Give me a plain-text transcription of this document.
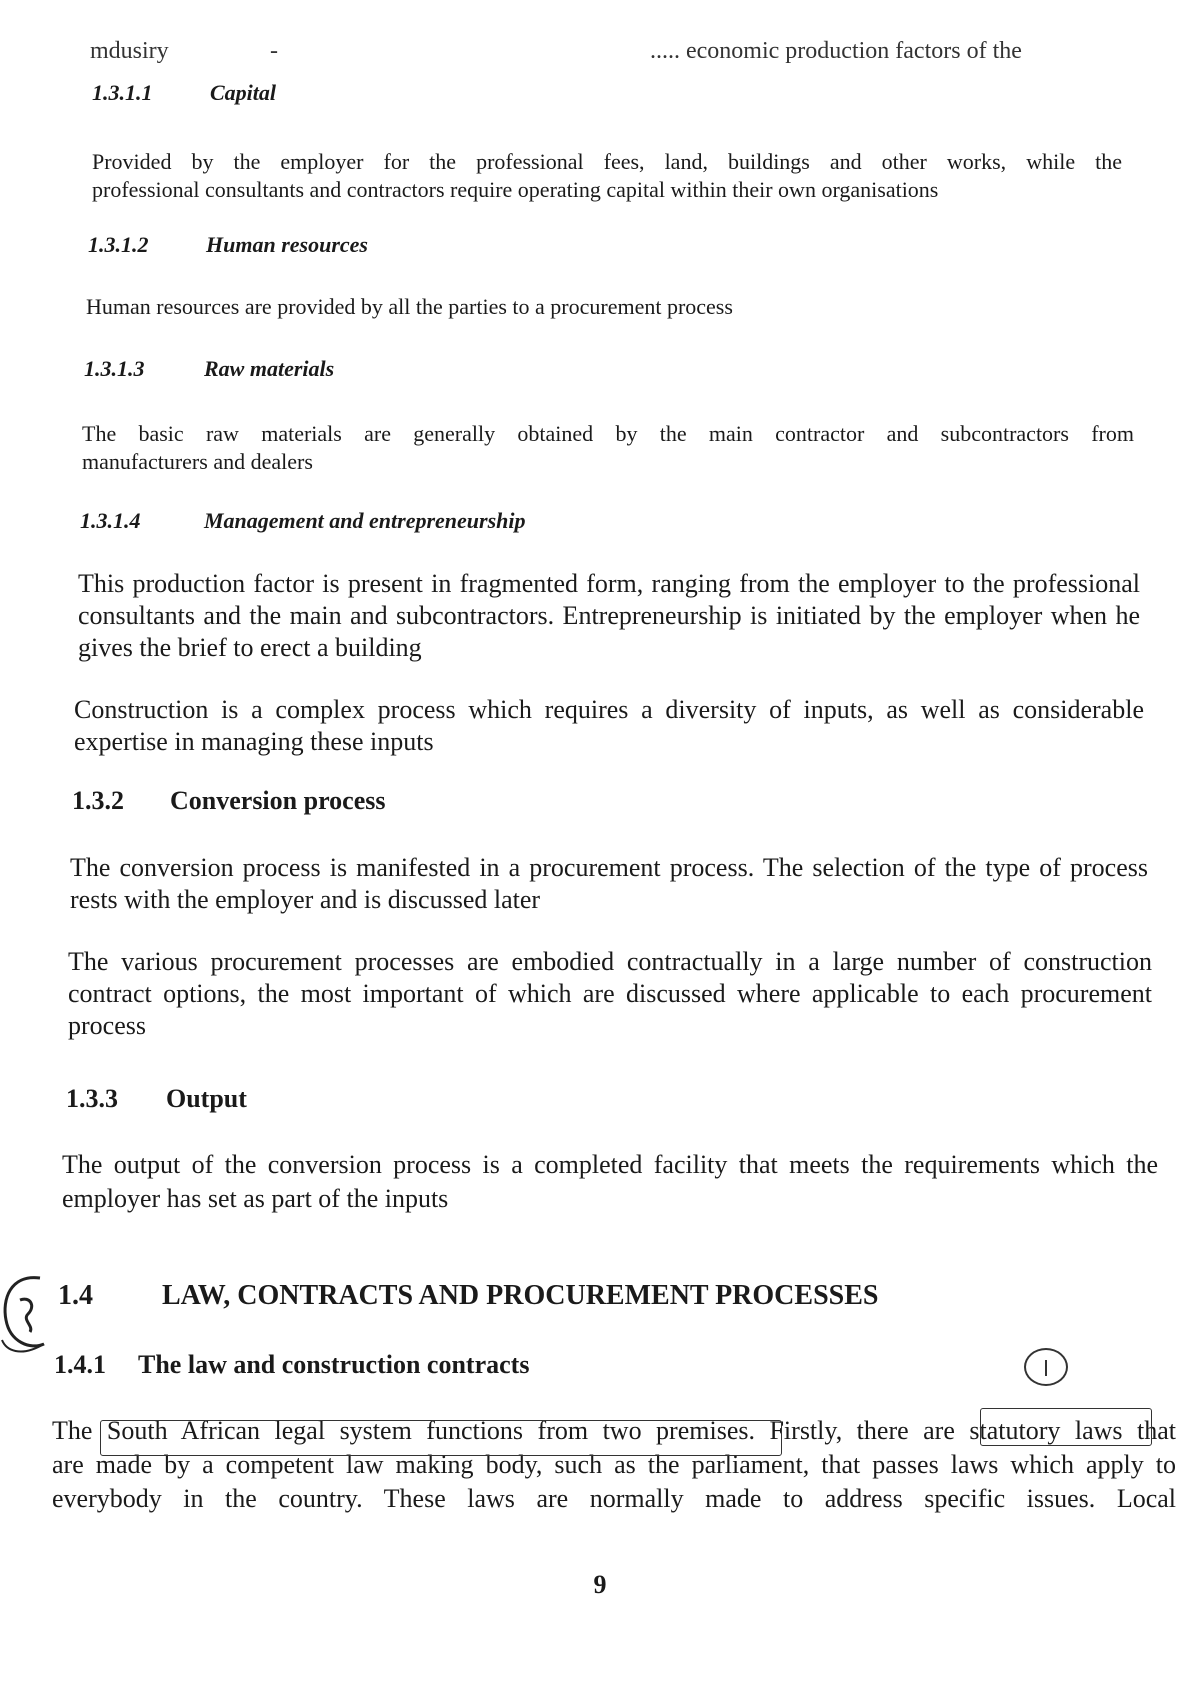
mdusiry	-	..... economic production factors of the
1.3.1.1	Capital
Provided by the employer for the professional fees, land, buildings and other works, while the
professional consultants and contractors require operating capital within their own organisations
1.3.1.2	Human resources
Human resources are provided by all the parties to a procurement process
1.3.1.3	Raw materials
The basic raw materials are generally obtained by the main contractor and subcontractors from
manufacturers and dealers
1.3.1.4	Management and entrepreneurship
This production factor is present in fragmented form, ranging from the employer to the professional
consultants and the main and subcontractors. Entrepreneurship is initiated by the employer when he
gives the brief to erect a building
Construction is a complex process which requires a diversity of inputs, as well as considerable
expertise in managing these inputs
1.3.2 Conversion process
The conversion process is manifested in a procurement process. The selection of the type of process
rests with the employer and is discussed later
The various procurement processes are embodied contractually in a large number of construction
contract options, the most important of which are discussed where applicable to each procurement
process
1.3.3 Output
The output of the conversion process is a completed facility that meets the requirements which the
employer has set as part of the inputs
1.4 LAW, CONTRACTS AND PROCUREMENT PROCESSES
1.4.1 The law and construction contracts
The South African legal system functions from two premises. Firstly, there are statutory laws that
are made by a competent law making body, such as the parliament, that passes laws which apply to
everybody in the country. These laws are normally made to address specific issues. Local
9
